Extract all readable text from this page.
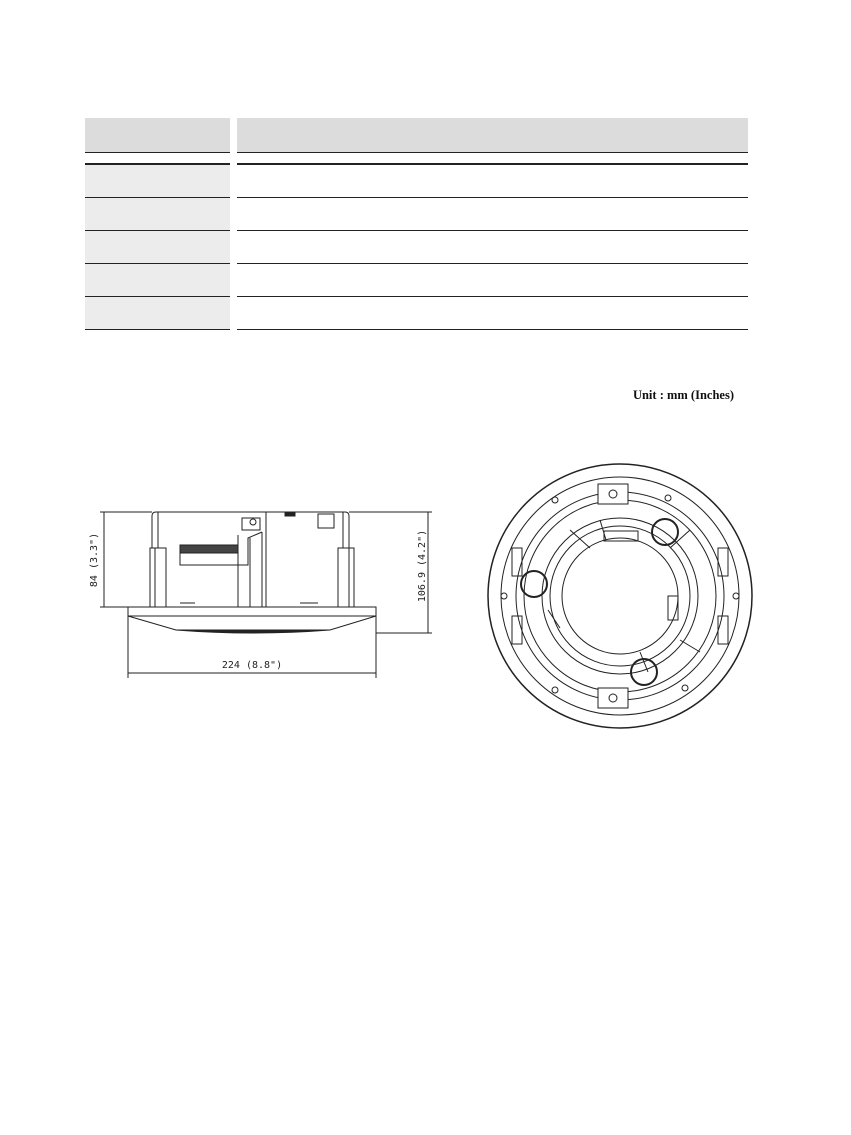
Unit : mm (Inches)
84 (3.3")	106.9 (4.2")
224 (8.8")
